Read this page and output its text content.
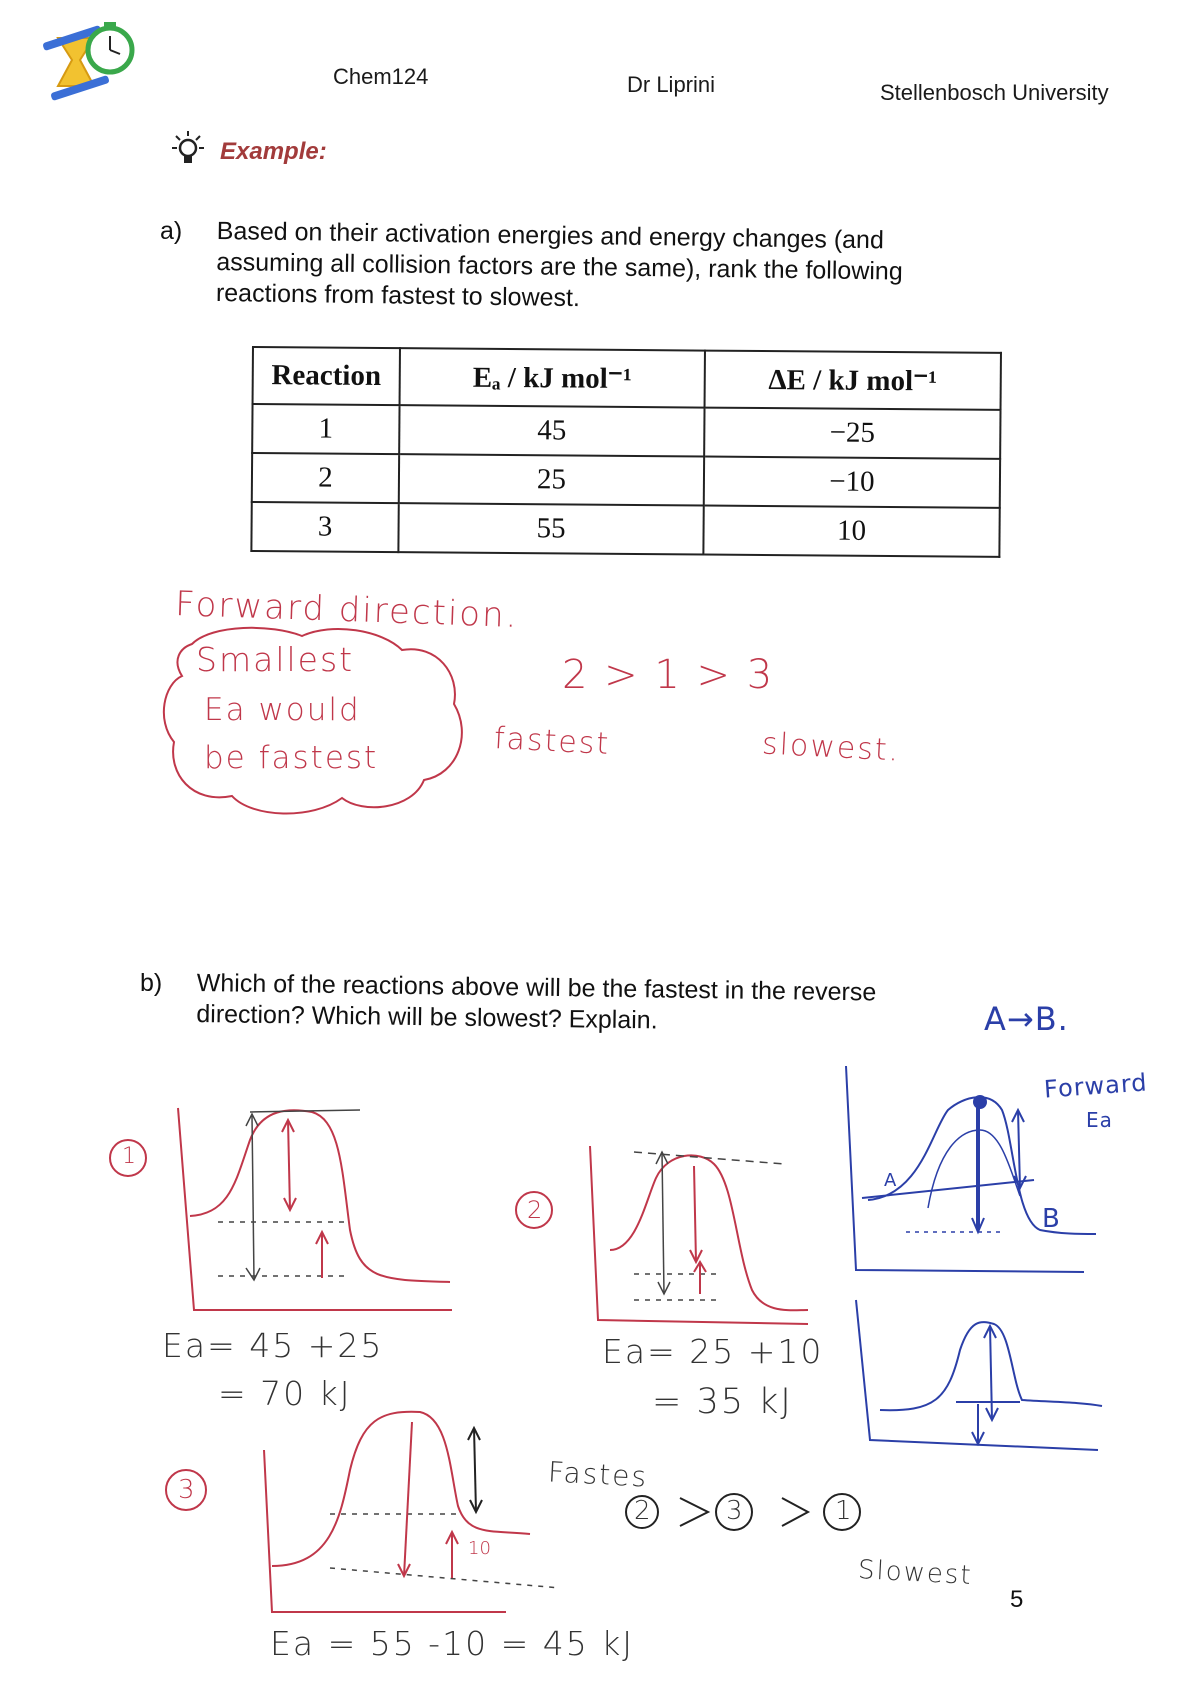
Chem124	Dr Liprini	Stellenbosch University
Example:
a) Based on their activation energies and energy changes (and assuming all collision factors are the same), rank the following reactions from fastest to slowest.
Reaction	Eₐ / kJ mol⁻¹	ΔE / kJ mol⁻¹
1	45	−25
2	25	−10
3	55	10
Forward direction.
Smallest
Ea would
be fastest
2 > 1 > 3
fastest	slowest.
b) Which of the reactions above will be the fastest in the reverse direction? Which will be slowest? Explain.	A→B.
1
2
3
Forward
Ea
A
B
Ea= 45 +25
= 70 kJ
Ea= 25 +10
= 35 kJ
10
Ea = 55 -10 = 45 kJ
Fastes
2	3	1
Slowest
5
